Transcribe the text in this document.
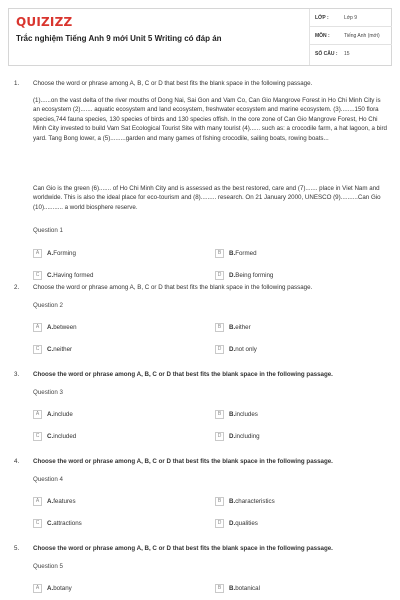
QUIZIZZ
Trắc nghiệm Tiếng Anh 9 mới Unit 5 Writing có đáp án
LỚP :	Lớp 9
MÔN :	Tiếng Anh (mới)
SỐ CÂU :	15
1. Choose the word or phrase among A, B, C or D that best fits the blank space in the following passage.
(1)......on the vast delta of the river mouths of Dong Nai, Sai Gon and Vam Co, Can Gio Mangrove Forest in Ho Chi Minh City is an ecosystem (2)....... aquatic ecosystem and land ecosystem, freshwater ecosystem and marine ecosystem. (3)........150 flora species,744 fauna species, 130 species of birds and 130 species offish. In the core zone of Can Gio Mangrove Forest, Ho Chi Minh City invested to build Vam Sat Ecological Tourist Site with many tourist (4)...... such as: a crocodile farm, a hat lagoon, a bird yard. Tang Bong lower, a (5).........garden and many games of fishing crocodile, sailing boats, rowing boats...
Can Gio is the green (6)....... of Ho Chi Minh City and is assessed as the best restored, care and (7)....... place in Viet Nam and worldwide. This is also the ideal place for eco-tourism and (8)......... research. On 21 January 2000, UNESCO (9)..........Can Gio (10)........... a world biosphere reserve.
Question 1
A	A. Forming	B	B. Formed
C	C. Having formed	D	D. Being forming
2. Choose the word or phrase among A, B, C or D that best fits the blank space in the following passage.
Question 2
A	A. between	B	B. either
C	C. neither	D	D. not only
3. Choose the word or phrase among A, B, C or D that best fits the blank space in the following passage.
Question 3
A	A. include	B	B. includes
C	C. included	D	D. including
4. Choose the word or phrase among A, B, C or D that best fits the blank space in the following passage.
Question 4
A	A. features	B	B. characteristics
C	C. attractions	D	D. qualities
5. Choose the word or phrase among A, B, C or D that best fits the blank space in the following passage.
Question 5
A	A. botany	B	B. botanical
